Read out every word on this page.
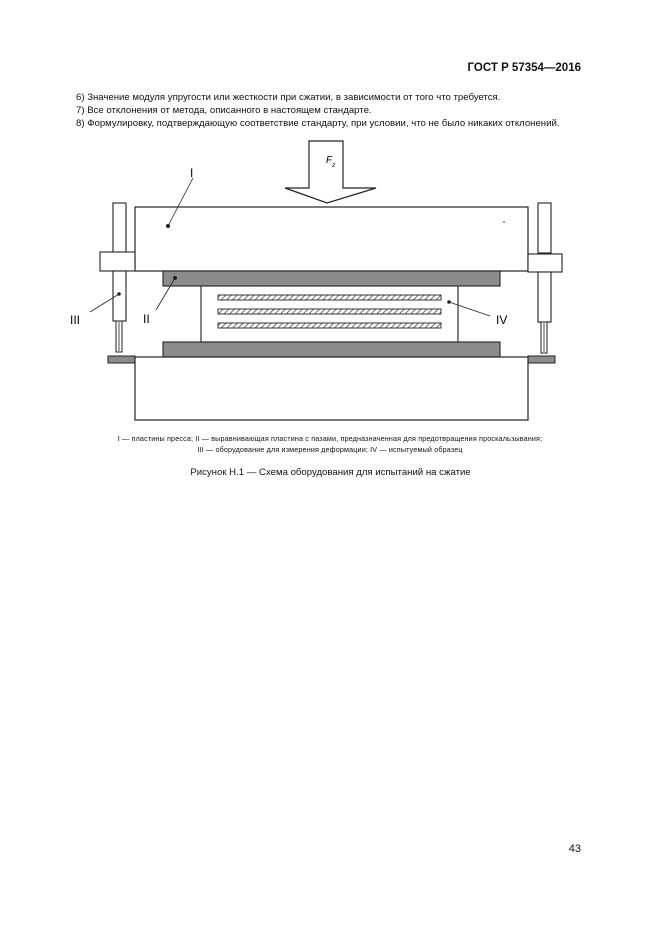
ГОСТ Р 57354—2016

6) Значение модуля упругости или жесткости при сжатии, в зависимости от того что требуется.

7) Все отклонения от метода, описанного в настоящем стандарте.

8) Формулировку, подтверждающую соответствие стандарту, при условии, что не было никаких отклонений.

$F_z$
I
II
III	IV
I — пластины пресса; II — выравнивающая пластина с пазами, предназначенная для предотвращения проскальзывания;
III — оборудование для измерения деформации; IV — испытуемый образец
Рисунок Н.1 — Схема оборудования для испытаний на сжатие
43
